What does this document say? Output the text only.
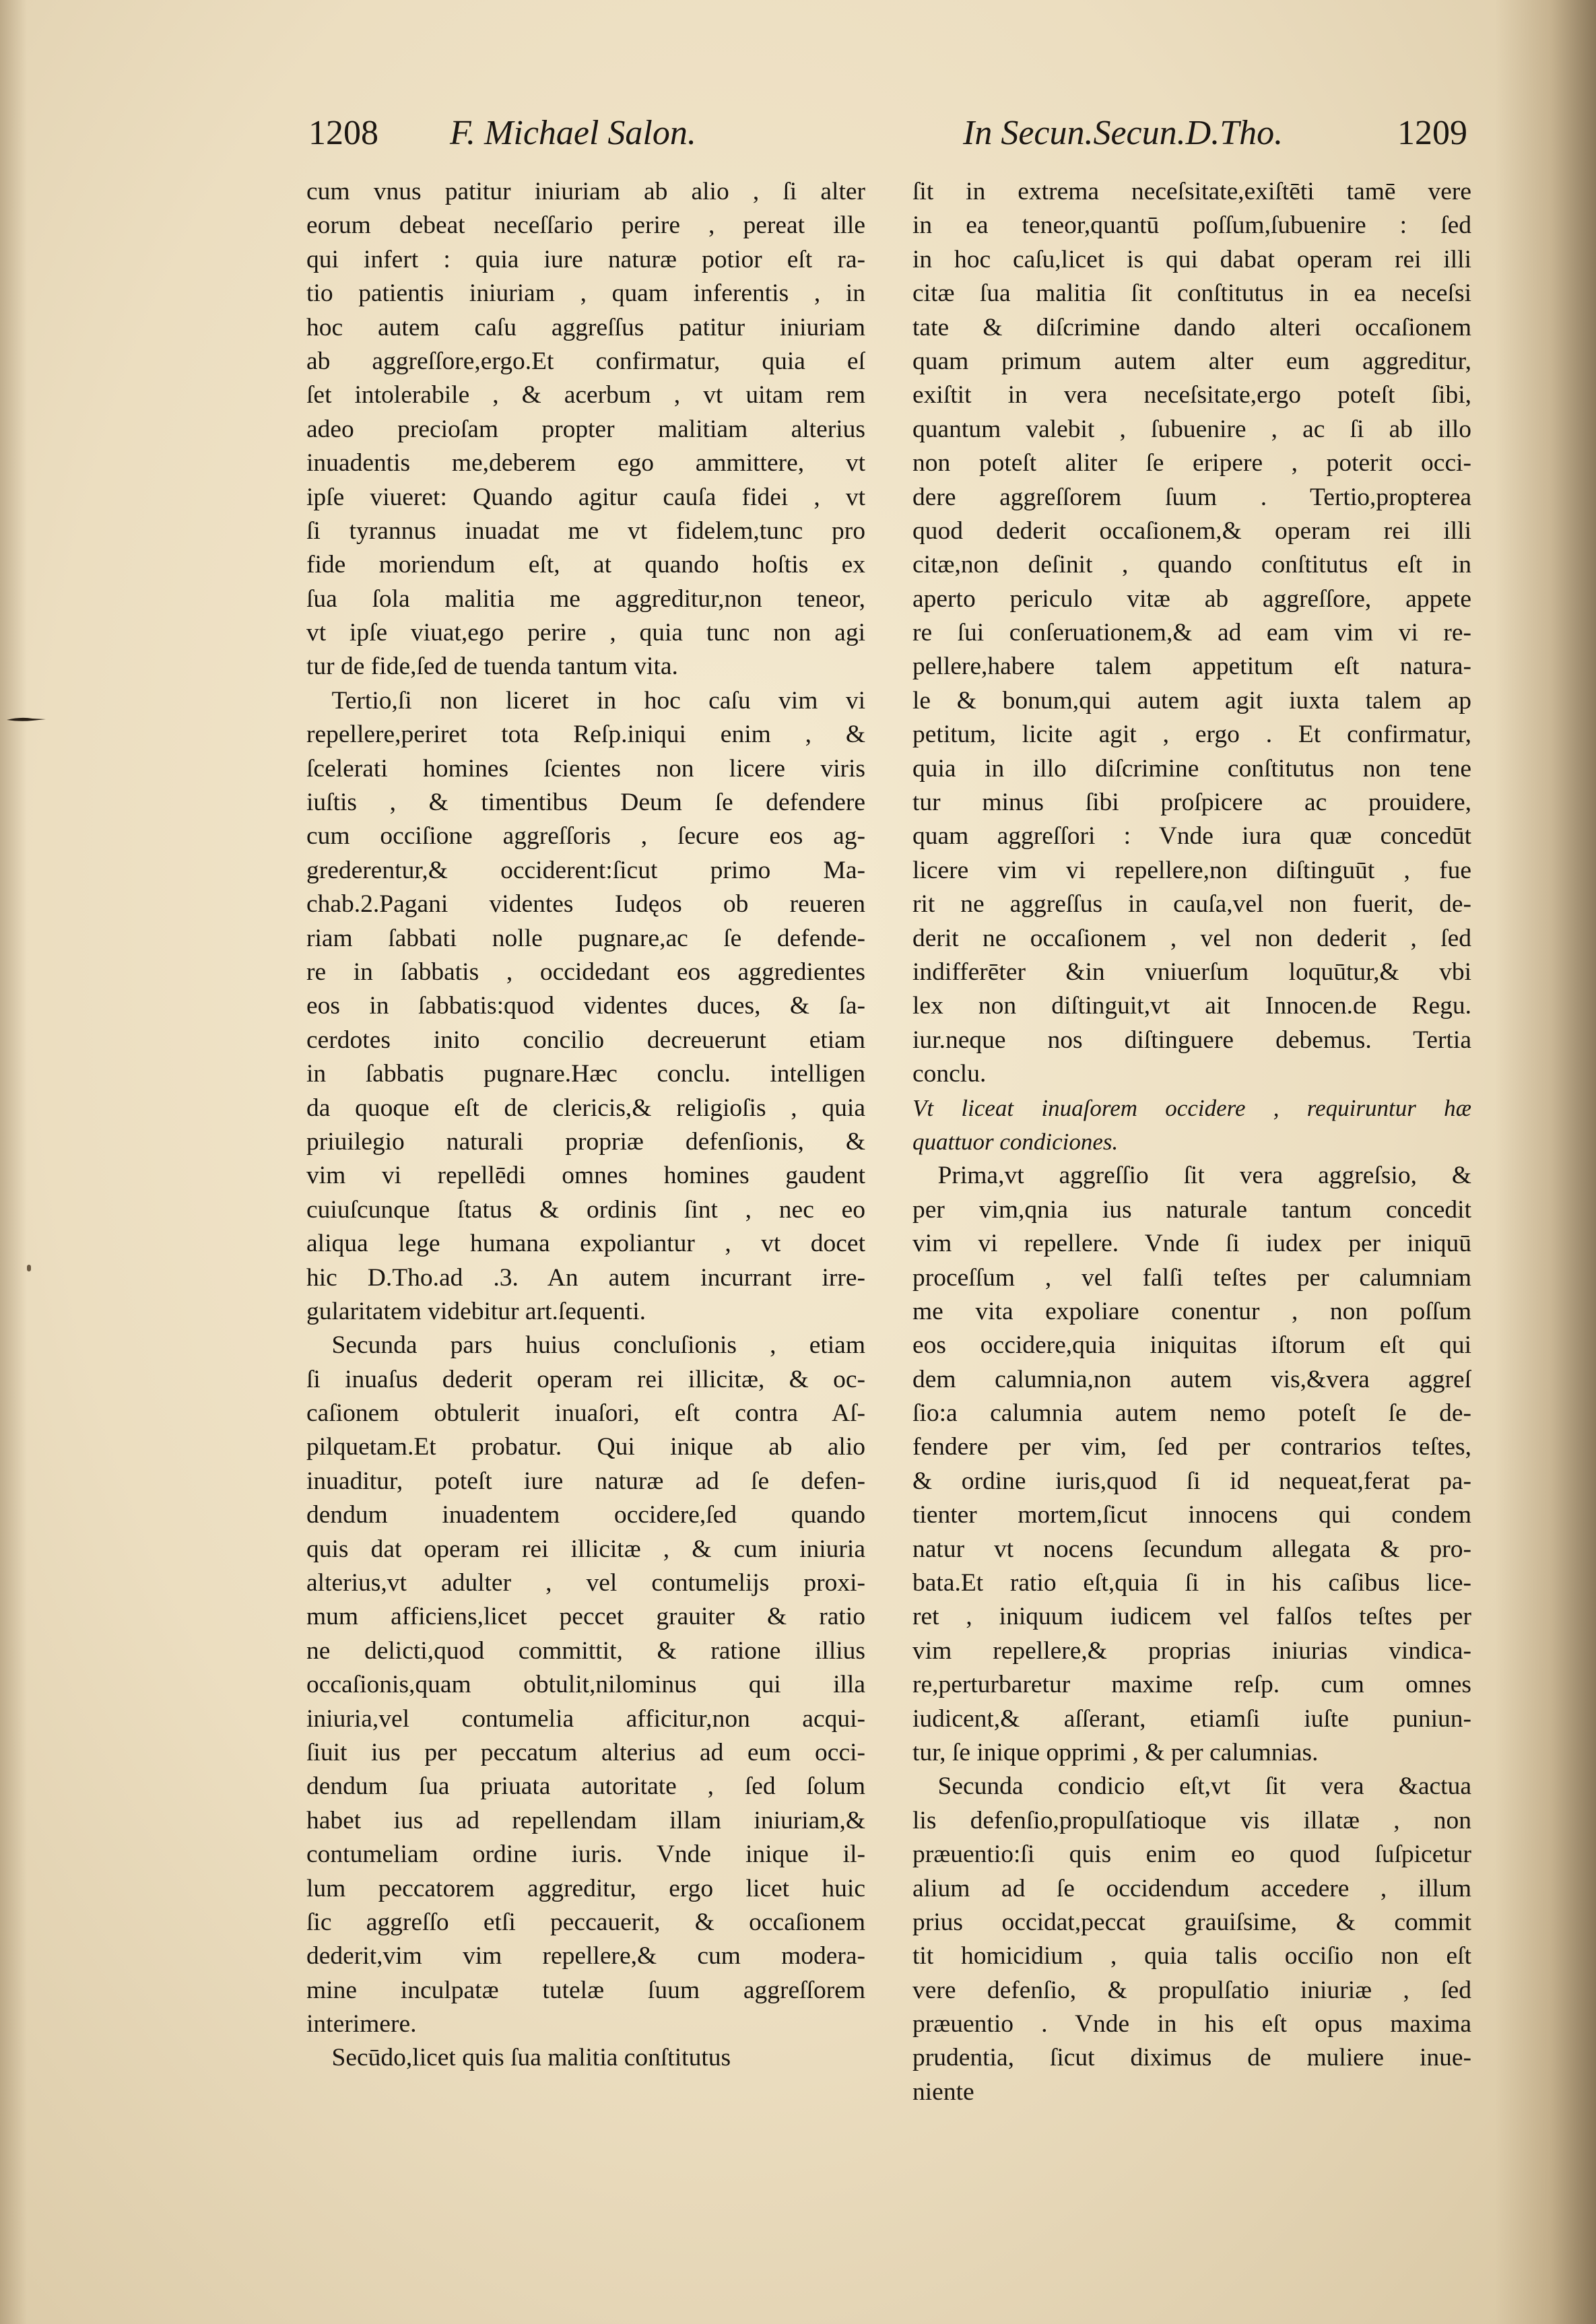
1208 F. Michael Salon.	In Secun.Secun.D.Tho.	1209
cum vnus patitur iniuriam ab alio , ſi alter
eorum debeat neceſſario perire , pereat ille
qui infert : quia iure naturæ potior eſt ra-
tio patientis iniuriam , quam inferentis , in
hoc autem caſu aggreſſus patitur iniuriam
ab aggreſſore,ergo.Et confirmatur, quia eſ
ſet intolerabile , & acerbum , vt uitam rem
adeo precioſam propter malitiam alterius
inuadentis me,deberem ego ammittere, vt
ipſe viueret: Quando agitur cauſa fidei , vt
ſi tyrannus inuadat me vt fidelem,tunc pro
fide moriendum eſt, at quando hoſtis ex
ſua ſola malitia me aggreditur,non teneor,
vt ipſe viuat,ego perire , quia tunc non agi
tur de fide,ſed de tuenda tantum vita.
 Tertio,ſi non liceret in hoc caſu vim vi
repellere,periret tota Reſp.iniqui enim , &
ſcelerati homines ſcientes non licere viris
iuſtis , & timentibus Deum ſe defendere
cum occiſione aggreſſoris , ſecure eos ag-
grederentur,& occiderent:ſicut primo Ma-
chab.2.Pagani videntes Iudęos ob reueren
riam ſabbati nolle pugnare,ac ſe defende-
re in ſabbatis , occidedant eos aggredientes
eos in ſabbatis:quod videntes duces, & ſa-
cerdotes inito concilio decreuerunt etiam
in ſabbatis pugnare.Hæc conclu. intelligen
da quoque eſt de clericis,& religioſis , quia
priuilegio naturali propriæ defenſionis, &
vim vi repellēdi omnes homines gaudent
cuiuſcunque ſtatus & ordinis ſint , nec eo
aliqua lege humana expoliantur , vt docet
hic D.Tho.ad .3. An autem incurrant irre-
gularitatem videbitur art.ſequenti.
 Secunda pars huius concluſionis , etiam
ſi inuaſus dederit operam rei illicitæ, & oc-
caſionem obtulerit inuaſori, eſt contra Aſ-
pilquetam.Et probatur. Qui inique ab alio
inuaditur, poteſt iure naturæ ad ſe defen-
dendum inuadentem occidere,ſed quando
quis dat operam rei illicitæ , & cum iniuria
alterius,vt adulter , vel contumelijs proxi-
mum afficiens,licet peccet grauiter & ratio
ne delicti,quod committit, & ratione illius
occaſionis,quam obtulit,nilominus qui illa
iniuria,vel contumelia afficitur,non acqui-
ſiuit ius per peccatum alterius ad eum occi-
dendum ſua priuata autoritate , ſed ſolum
habet ius ad repellendam illam iniuriam,&
contumeliam ordine iuris. Vnde inique il-
lum peccatorem aggreditur, ergo licet huic
ſic aggreſſo etſi peccauerit, & occaſionem
dederit,vim vim repellere,& cum modera-
mine inculpatæ tutelæ ſuum aggreſſorem
interimere.
 Secūdo,licet quis ſua malitia conſtitutus
ſit in extrema neceſsitate,exiſtēti tamē vere
in ea teneor,quantū poſſum,ſubuenire : ſed
in hoc caſu,licet is qui dabat operam rei illi
citæ ſua malitia ſit conſtitutus in ea neceſsi
tate & diſcrimine dando alteri occaſionem
quam primum autem alter eum aggreditur,
exiſtit in vera neceſsitate,ergo poteſt ſibi,
quantum valebit , ſubuenire , ac ſi ab illo
non poteſt aliter ſe eripere , poterit occi-
dere aggreſſorem ſuum . Tertio,propterea
quod dederit occaſionem,& operam rei illi
citæ,non deſinit , quando conſtitutus eſt in
aperto periculo vitæ ab aggreſſore, appete
re ſui conſeruationem,& ad eam vim vi re-
pellere,habere talem appetitum eſt natura-
le & bonum,qui autem agit iuxta talem ap
petitum, licite agit , ergo . Et confirmatur,
quia in illo diſcrimine conſtitutus non tene
tur minus ſibi proſpicere ac prouidere,
quam aggreſſori : Vnde iura quæ concedūt
licere vim vi repellere,non diſtinguūt , fue
rit ne aggreſſus in cauſa,vel non fuerit, de-
derit ne occaſionem , vel non dederit , ſed
indifferēter &in vniuerſum loquūtur,& vbi
lex non diſtinguit,vt ait Innocen.de Regu.
iur.neque nos diſtinguere debemus. Tertia
conclu.
Vt liceat inuaſorem occidere , requiruntur hæ
quattuor condiciones.
 Prima,vt aggreſſio ſit vera aggreſsio, &
per vim,qnia ius naturale tantum concedit
vim vi repellere. Vnde ſi iudex per iniquū
proceſſum , vel falſi teſtes per calumniam
me vita expoliare conentur , non poſſum
eos occidere,quia iniquitas iſtorum eſt qui
dem calumnia,non autem vis,&vera aggreſ
ſio:a calumnia autem nemo poteſt ſe de-
fendere per vim, ſed per contrarios teſtes,
& ordine iuris,quod ſi id nequeat,ferat pa-
tienter mortem,ſicut innocens qui condem
natur vt nocens ſecundum allegata & pro-
bata.Et ratio eſt,quia ſi in his caſibus lice-
ret , iniquum iudicem vel falſos teſtes per
vim repellere,& proprias iniurias vindica-
re,perturbaretur maxime reſp. cum omnes
iudicent,& aſſerant, etiamſi iuſte puniun-
tur, ſe inique opprimi , & per calumnias.
 Secunda condicio eſt,vt ſit vera &actua
lis defenſio,propulſatioque vis illatæ , non
præuentio:ſi quis enim eo quod ſuſpicetur
alium ad ſe occidendum accedere , illum
prius occidat,peccat grauiſsime, & commit
tit homicidium , quia talis occiſio non eſt
vere defenſio, & propulſatio iniuriæ , ſed
præuentio . Vnde in his eſt opus maxima
prudentia, ſicut diximus de muliere inue-
niente
